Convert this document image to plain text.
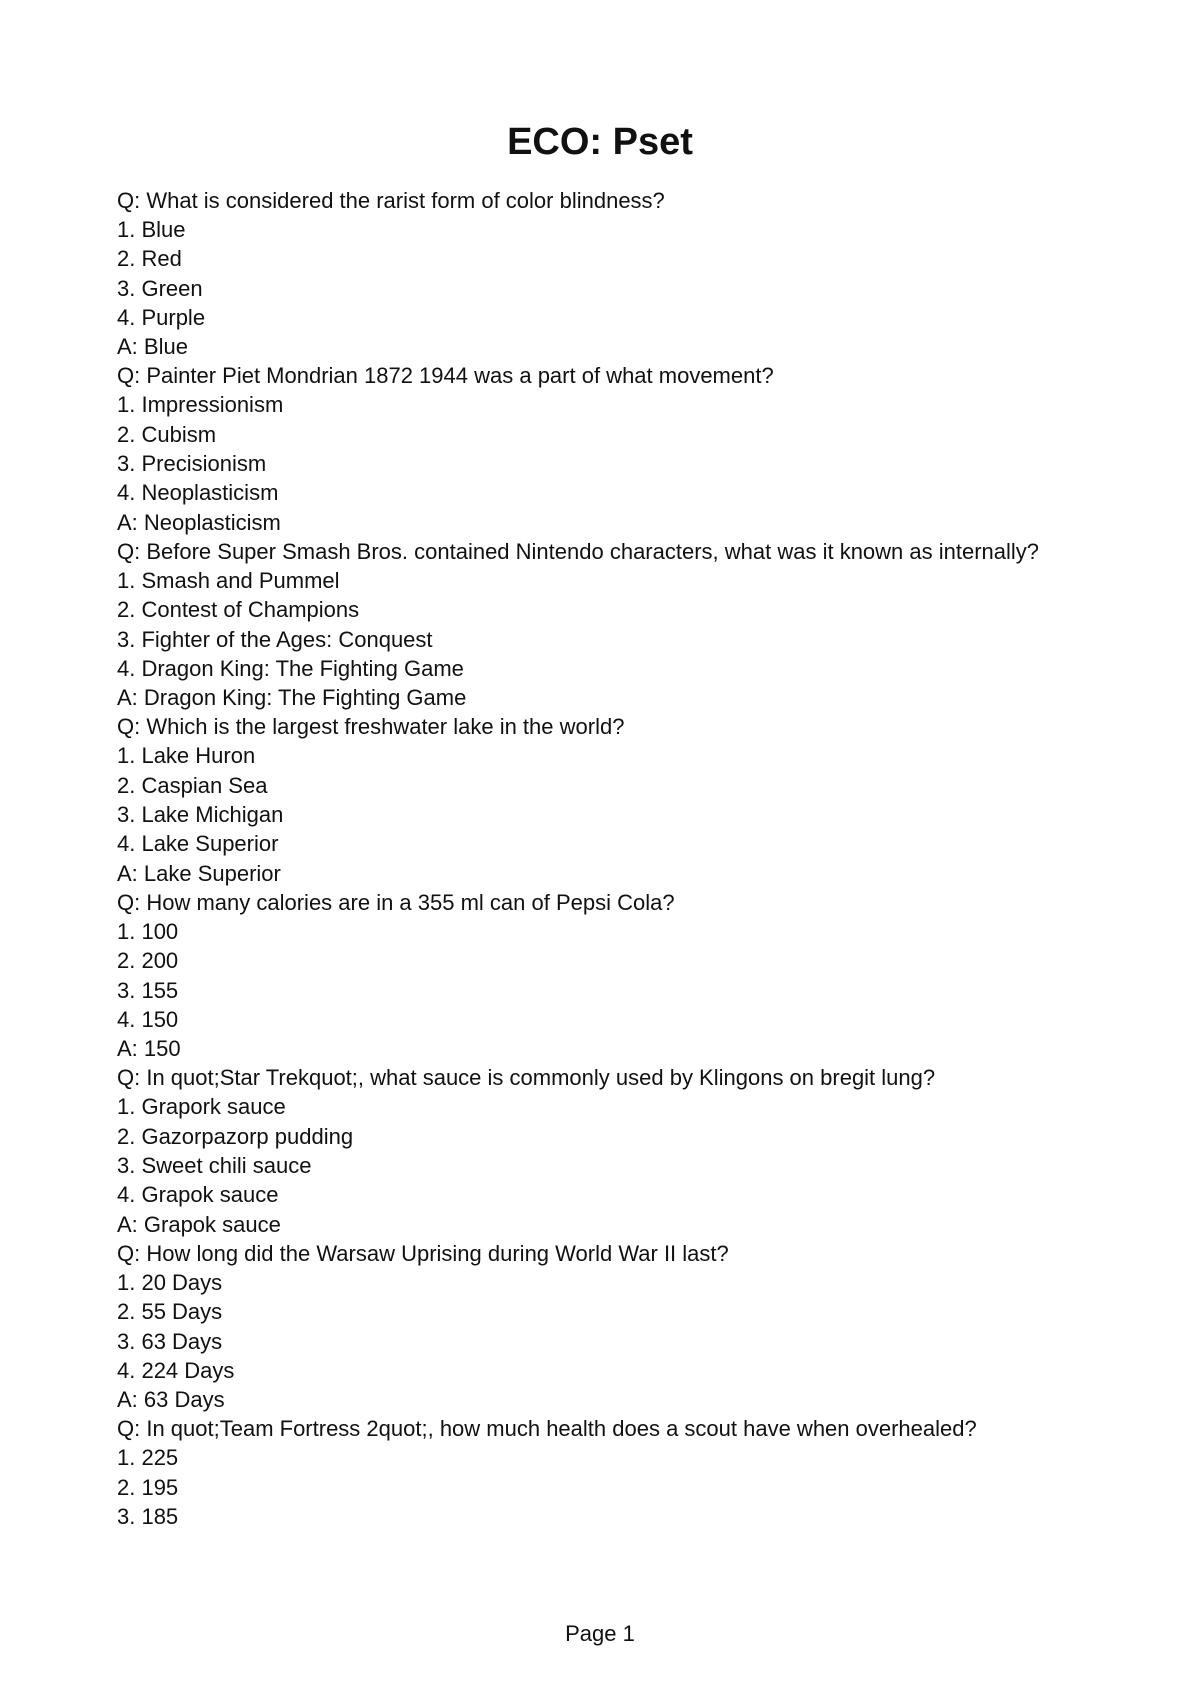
ECO: Pset
Q: What is considered the rarist form of color blindness?
1. Blue
2. Red
3. Green
4. Purple
A: Blue
Q: Painter Piet Mondrian 1872 1944 was a part of what movement?
1. Impressionism
2. Cubism
3. Precisionism
4. Neoplasticism
A: Neoplasticism
Q: Before Super Smash Bros. contained Nintendo characters, what was it known as internally?
1. Smash and Pummel
2. Contest of Champions
3. Fighter of the Ages: Conquest
4. Dragon King: The Fighting Game
A: Dragon King: The Fighting Game
Q: Which is the largest freshwater lake in the world?
1. Lake Huron
2. Caspian Sea
3. Lake Michigan
4. Lake Superior
A: Lake Superior
Q: How many calories are in a 355 ml can of Pepsi Cola?
1. 100
2. 200
3. 155
4. 150
A: 150
Q: In quot;Star Trekquot;, what sauce is commonly used by Klingons on bregit lung?
1. Grapork sauce
2. Gazorpazorp pudding
3. Sweet chili sauce
4. Grapok sauce
A: Grapok sauce
Q: How long did the Warsaw Uprising during World War II last?
1. 20 Days
2. 55 Days
3. 63 Days
4. 224 Days
A: 63 Days
Q: In quot;Team Fortress 2quot;, how much health does a scout have when overhealed?
1. 225
2. 195
3. 185
Page 1
